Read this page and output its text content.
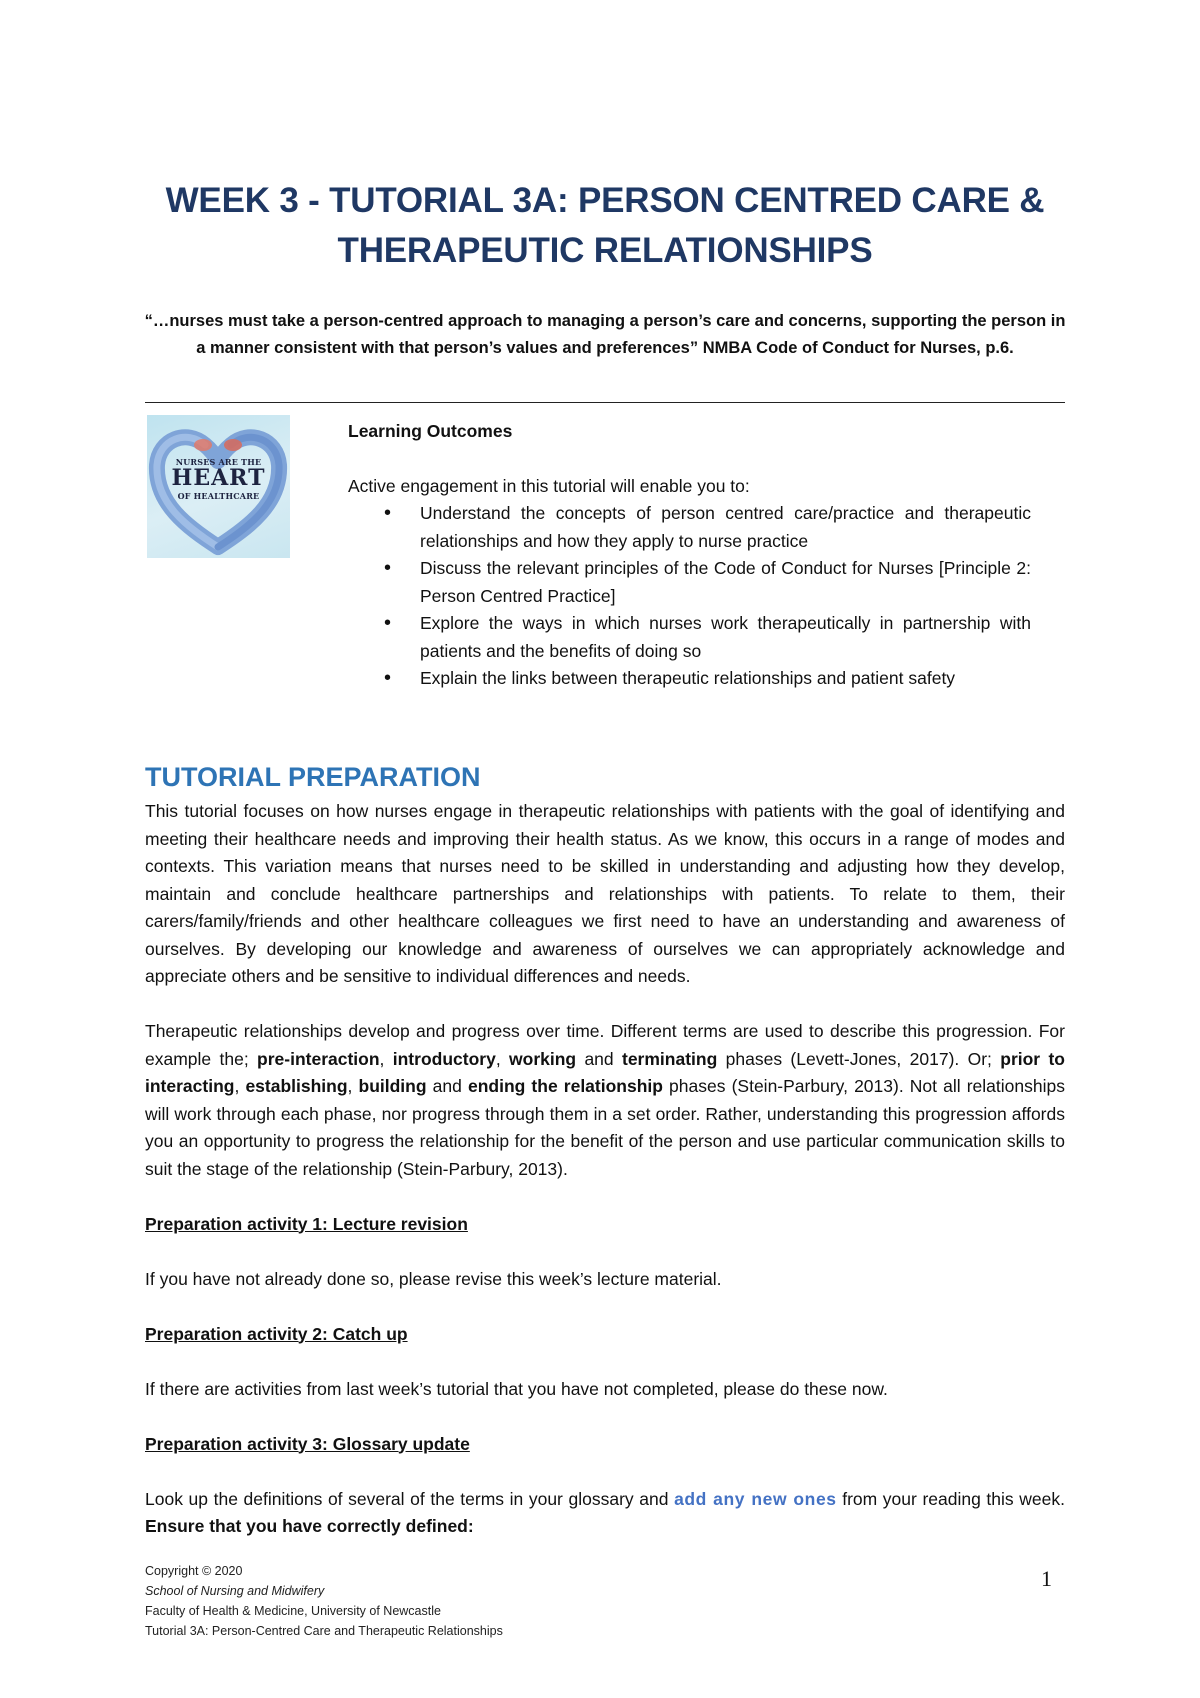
WEEK 3 - TUTORIAL 3A: PERSON CENTRED CARE &
THERAPEUTIC RELATIONSHIPS
“…nurses must take a person-centred approach to managing a person’s care and concerns, supporting the person in a manner consistent with that person’s values and preferences” NMBA Code of Conduct for Nurses, p.6.
NURSES ARE THE
HEART
OF HEALTHCARE
Learning Outcomes
Active engagement in this tutorial will enable you to:
• Understand the concepts of person centred care/practice and therapeutic relationships and how they apply to nurse practice
• Discuss the relevant principles of the Code of Conduct for Nurses [Principle 2: Person Centred Practice]
• Explore the ways in which nurses work therapeutically in partnership with patients and the benefits of doing so
• Explain the links between therapeutic relationships and patient safety
TUTORIAL PREPARATION

This tutorial focuses on how nurses engage in therapeutic relationships with patients with the goal of identifying and meeting their healthcare needs and improving their health status. As we know, this occurs in a range of modes and contexts. This variation means that nurses need to be skilled in understanding and adjusting how they develop, maintain and conclude healthcare partnerships and relationships with patients. To relate to them, their carers/family/friends and other healthcare colleagues we first need to have an understanding and awareness of ourselves. By developing our knowledge and awareness of ourselves we can appropriately acknowledge and appreciate others and be sensitive to individual differences and needs.

Therapeutic relationships develop and progress over time. Different terms are used to describe this progression. For example the; pre-interaction, introductory, working and terminating phases (Levett-Jones, 2017). Or; prior to interacting, establishing, building and ending the relationship phases (Stein-Parbury, 2013). Not all relationships will work through each phase, nor progress through them in a set order. Rather, understanding this progression affords you an opportunity to progress the relationship for the benefit of the person and use particular communication skills to suit the stage of the relationship (Stein-Parbury, 2013).

Preparation activity 1: Lecture revision

If you have not already done so, please revise this week’s lecture material.

Preparation activity 2: Catch up

If there are activities from last week’s tutorial that you have not completed, please do these now.

Preparation activity 3: Glossary update

Look up the definitions of several of the terms in your glossary and add any new ones from your reading this week. Ensure that you have correctly defined:

Copyright © 2020
School of Nursing and Midwifery
Faculty of Health & Medicine, University of Newcastle
Tutorial 3A: Person-Centred Care and Therapeutic Relationships
1
